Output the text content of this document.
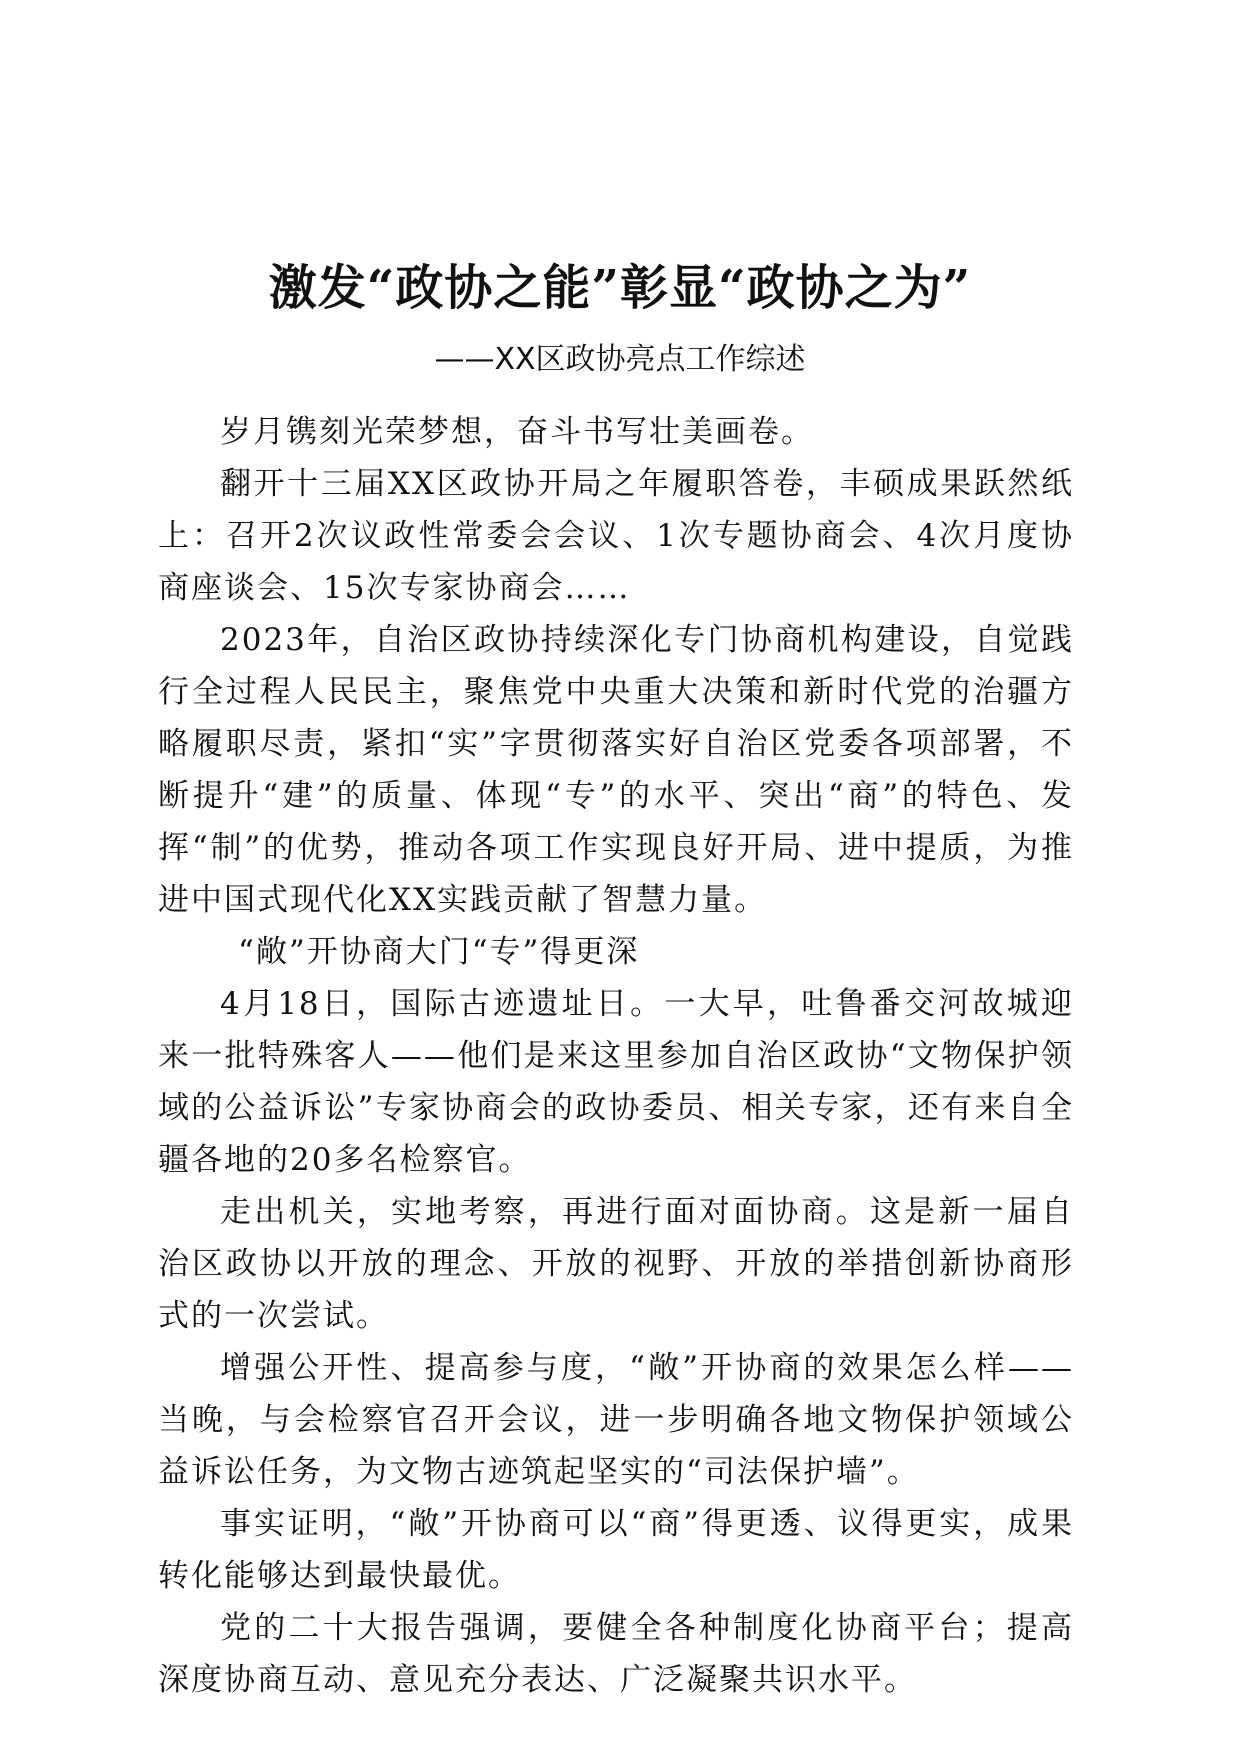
激发“政协之能”彰显“政协之为”
——XX区政协亮点工作综述

岁月镌刻光荣梦想，奋斗书写壮美画卷。

翻开十三届XX区政协开局之年履职答卷，丰硕成果跃然纸上：召开2次议政性常委会会议、1次专题协商会、4次月度协商座谈会、15次专家协商会……

2023年，自治区政协持续深化专门协商机构建设，自觉践行全过程人民民主，聚焦党中央重大决策和新时代党的治疆方略履职尽责，紧扣“实”字贯彻落实好自治区党委各项部署，不断提升“建”的质量、体现“专”的水平、突出“商”的特色、发挥“制”的优势，推动各项工作实现良好开局、进中提质，为推进中国式现代化XX实践贡献了智慧力量。

“敞”开协商大门“专”得更深

4月18日，国际古迹遗址日。一大早，吐鲁番交河故城迎来一批特殊客人——他们是来这里参加自治区政协“文物保护领域的公益诉讼”专家协商会的政协委员、相关专家，还有来自全疆各地的20多名检察官。

走出机关，实地考察，再进行面对面协商。这是新一届自治区政协以开放的理念、开放的视野、开放的举措创新协商形式的一次尝试。

增强公开性、提高参与度，“敞”开协商的效果怎么样——当晚，与会检察官召开会议，进一步明确各地文物保护领域公益诉讼任务，为文物古迹筑起坚实的“司法保护墙”。

事实证明，“敞”开协商可以“商”得更透、议得更实，成果转化能够达到最快最优。

党的二十大报告强调，要健全各种制度化协商平台；提高深度协商互动、意见充分表达、广泛凝聚共识水平。
